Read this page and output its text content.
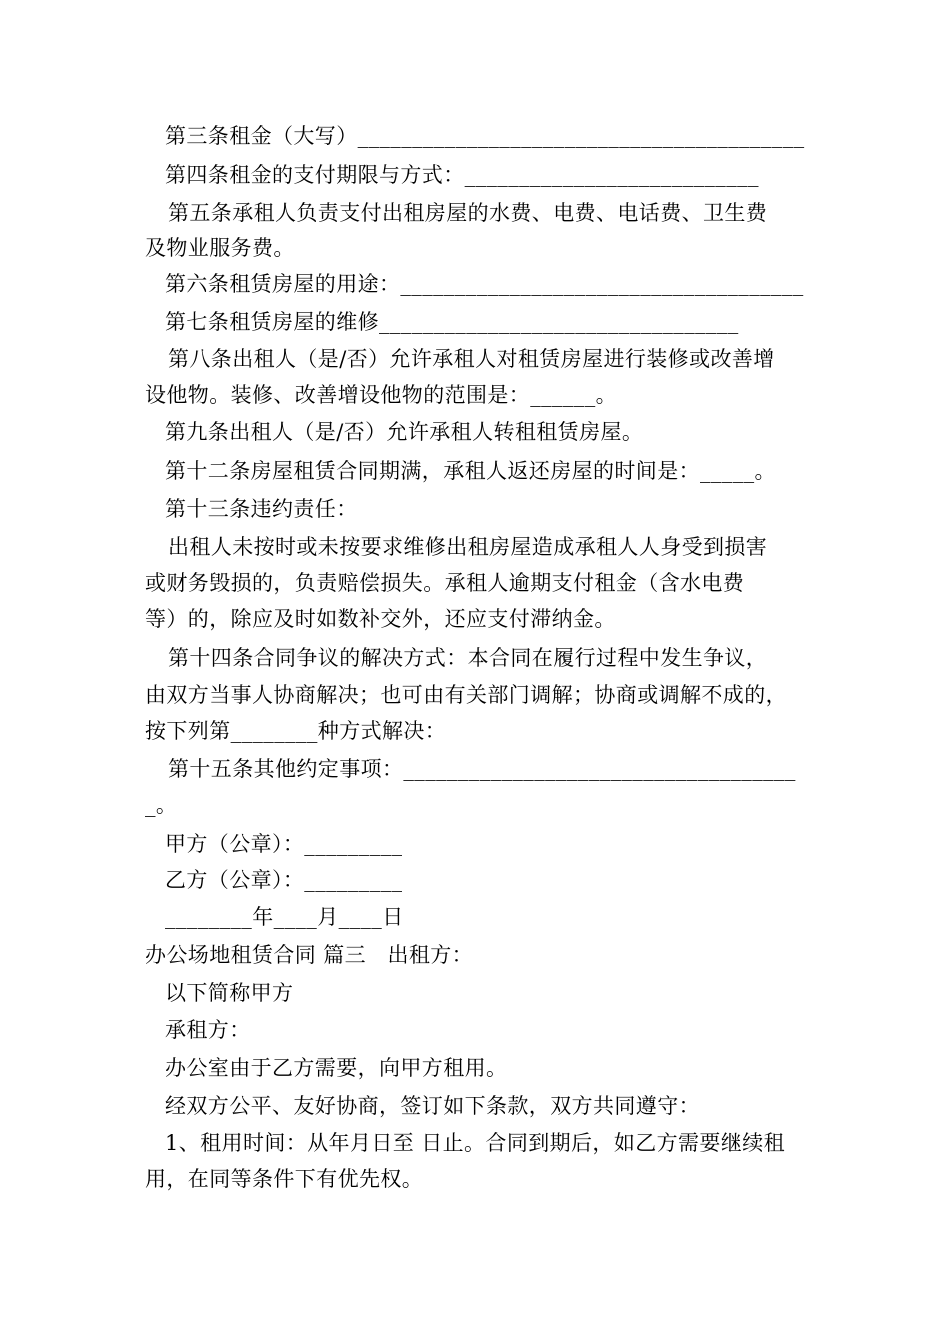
第三条租金（大写）_________________________________________
第四条租金的支付期限与方式：___________________________
第五条承租人负责支付出租房屋的水费、电费、电话费、卫生费
及物业服务费。
第六条租赁房屋的用途：_____________________________________
第七条租赁房屋的维修_________________________________
第八条出租人（是/否）允许承租人对租赁房屋进行装修或改善增
设他物。装修、改善增设他物的范围是：______。
第九条出租人（是/否）允许承租人转租租赁房屋。
第十二条房屋租赁合同期满，承租人返还房屋的时间是：_____。
第十三条违约责任：
出租人未按时或未按要求维修出租房屋造成承租人人身受到损害
或财务毁损的，负责赔偿损失。承租人逾期支付租金（含水电费
等）的，除应及时如数补交外，还应支付滞纳金。
第十四条合同争议的解决方式：本合同在履行过程中发生争议，
由双方当事人协商解决；也可由有关部门调解；协商或调解不成的，
按下列第________种方式解决：
第十五条其他约定事项：____________________________________
_。
甲方（公章）：_________
乙方（公章）：_________
________年____月____日
办公场地租赁合同 篇三　出租方：
以下简称甲方
承租方：
办公室由于乙方需要，向甲方租用。
经双方公平、友好协商，签订如下条款，双方共同遵守：
1、租用时间：从年月日至 日止。合同到期后，如乙方需要继续租
用，在同等条件下有优先权。
